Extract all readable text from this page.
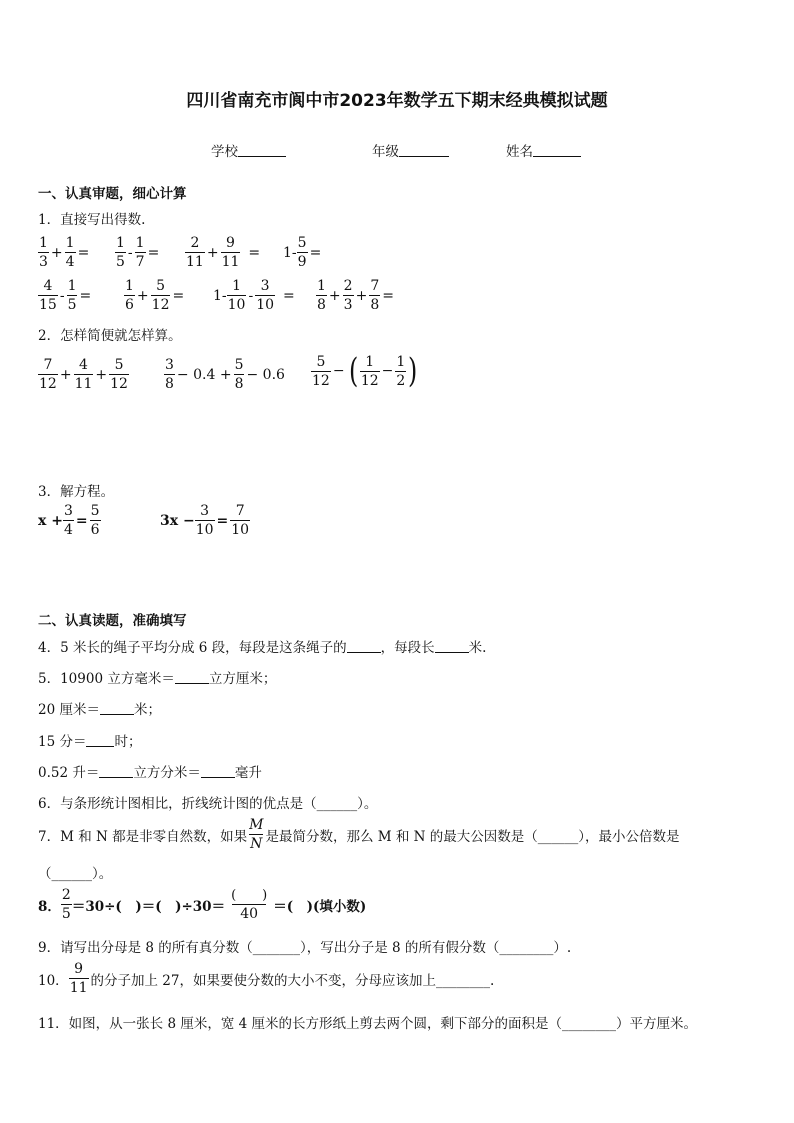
四川省南充市阆中市2023年数学五下期末经典模拟试题
学校	年级	姓名
一、认真审题，细心计算
1．直接写出得数.
$\frac{1}{3} + \frac{1}{4} = \frac{1}{5} - \frac{1}{7} = \frac{2}{11} + \frac{9}{11} = 1- \frac{5}{9}$ =
$\frac{4}{15} - \frac{1}{5} = \frac{1}{6} + \frac{5}{12} = 1- \frac{1}{10} - \frac{3}{10} = \frac{1}{8} + \frac{2}{3} + \frac{7}{8}$ =
2．怎样简便就怎样算。
$\frac{7}{12} + \frac{4}{11} + \frac{5}{12}$	$\frac{3}{8} - 0.4 + \frac{5}{8} - 0.6 \frac{5}{12}$ − ( $\frac{1}{12} - \frac{1}{2}$ )
3．解方程。
$x + \frac{3}{4} = \frac{5}{6}$	$3x - \frac{3}{10} = \frac{7}{10}$
二、认真读题，准确填写
4．5 米长的绳子平均分成 6 段，每段是这条绳子的	，每段长	米.
5．10900 立方毫米＝	立方厘米；
20 厘米＝	米；
15 分＝ 时；
0.52 升＝	立方分米＝	毫升
6．与条形统计图相比，折线统计图的优点是（______）。
7．M 和 N 都是非零自然数，如果 $\frac{M}{N}$ 是最简分数，那么 M 和 N 的最大公因数是（______），最小公倍数是
（______）。
8． $\frac{2}{5} =30\div$(　)＝(　)$\div 30= \frac{( )}{40}$ ＝(　)(填小数)
9．请写出分母是 8 的所有真分数（_______），写出分子是 8 的所有假分数（________）.
10． $\frac{9}{11}$ 的分子加上 27，如果要使分数的大小不变，分母应该加上________.
11．如图，从一张长 8 厘米，宽 4 厘米的长方形纸上剪去两个圆，剩下部分的面积是（________）平方厘米。
